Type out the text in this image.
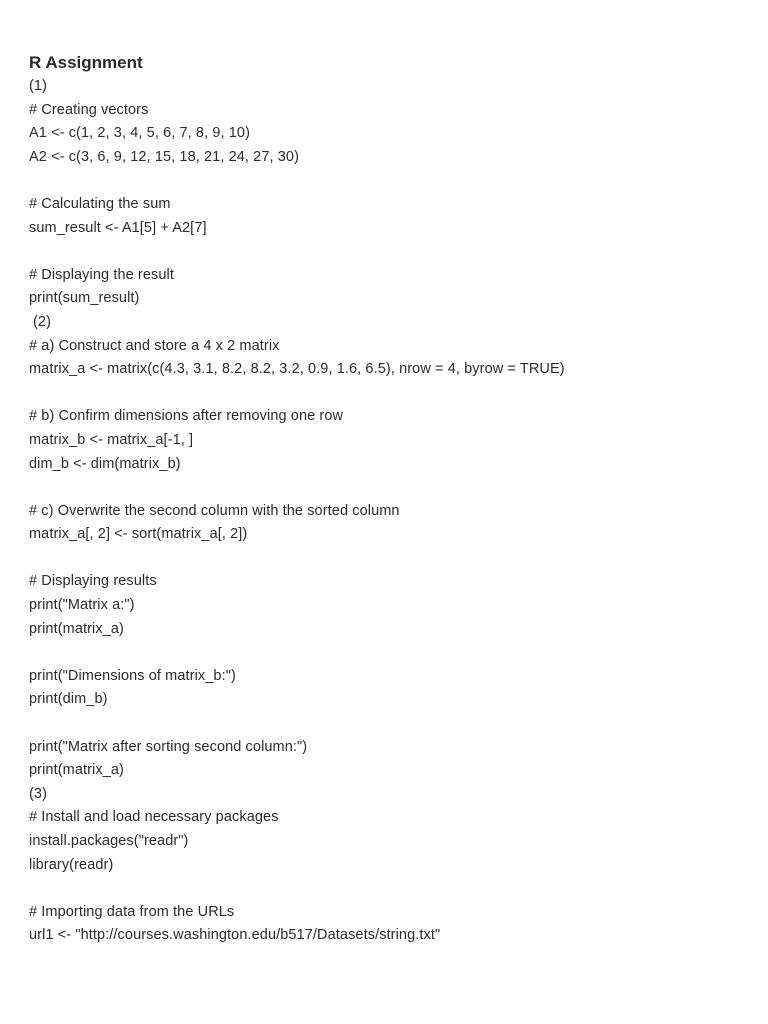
R Assignment
(1)
# Creating vectors
A1 <- c(1, 2, 3, 4, 5, 6, 7, 8, 9, 10)
A2 <- c(3, 6, 9, 12, 15, 18, 21, 24, 27, 30)
# Calculating the sum
sum_result <- A1[5] + A2[7]
# Displaying the result
print(sum_result)
(2)
# a) Construct and store a 4 x 2 matrix
matrix_a <- matrix(c(4.3, 3.1, 8.2, 8.2, 3.2, 0.9, 1.6, 6.5), nrow = 4, byrow = TRUE)
# b) Confirm dimensions after removing one row
matrix_b <- matrix_a[-1, ]
dim_b <- dim(matrix_b)
# c) Overwrite the second column with the sorted column
matrix_a[, 2] <- sort(matrix_a[, 2])
# Displaying results
print("Matrix a:")
print(matrix_a)
print("Dimensions of matrix_b:")
print(dim_b)
print("Matrix after sorting second column:")
print(matrix_a)
(3)
# Install and load necessary packages
install.packages("readr")
library(readr)
# Importing data from the URLs
url1 <- "http://courses.washington.edu/b517/Datasets/string.txt"
